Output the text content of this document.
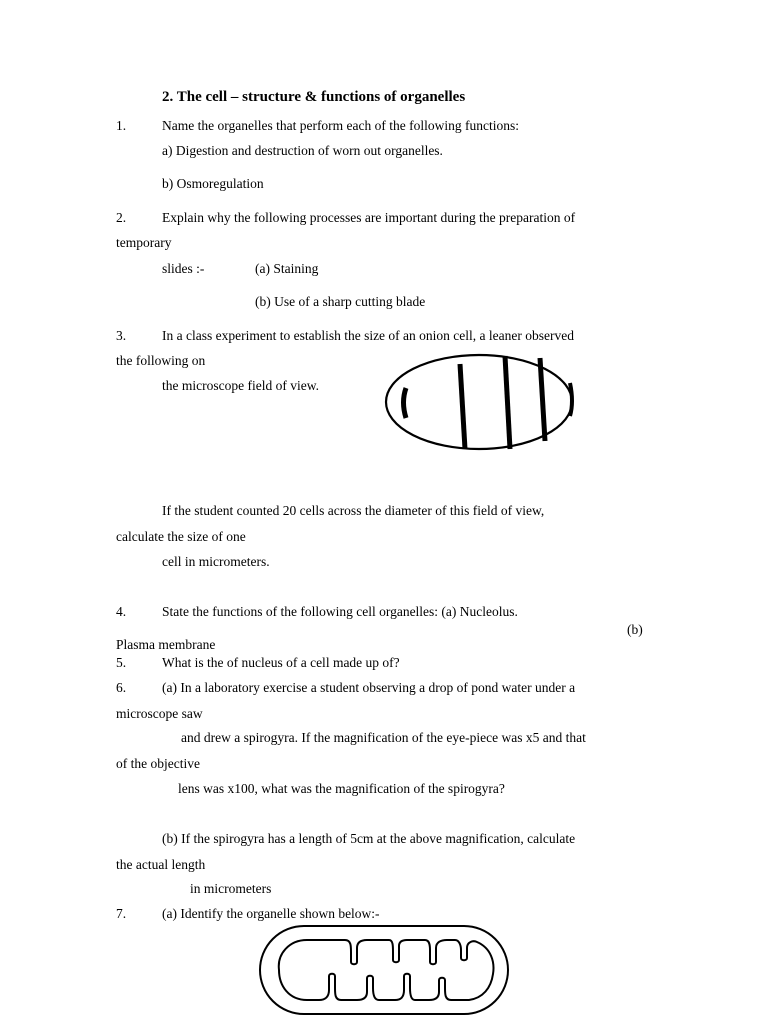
2. The cell – structure & functions of organelles
1.	Name the organelles that perform each of the following functions:
a) Digestion and destruction of worn out organelles.
b) Osmoregulation
2.	Explain why the following processes are important during the preparation of
temporary
slides :-	(a) Staining
(b) Use of a sharp cutting blade
3.	In a class experiment to establish the size of an onion cell, a leaner observed
the following on
the microscope field of view.
If the student counted 20 cells across the diameter of this field of view,
calculate the size of one
cell in micrometers.
4.	State the functions of the following cell organelles: (a) Nucleolus.
(b)
Plasma membrane
5.	What is the of nucleus of a cell made up of?
6.	(a) In a laboratory exercise a student observing a drop of pond water under a
microscope saw
and drew a spirogyra. If the magnification of the eye-piece was x5 and that
of the objective
lens was x100, what was the magnification of the spirogyra?
(b) If the spirogyra has a length of 5cm at the above magnification, calculate
the actual length
in micrometers
7.	(a) Identify the organelle shown below:-
